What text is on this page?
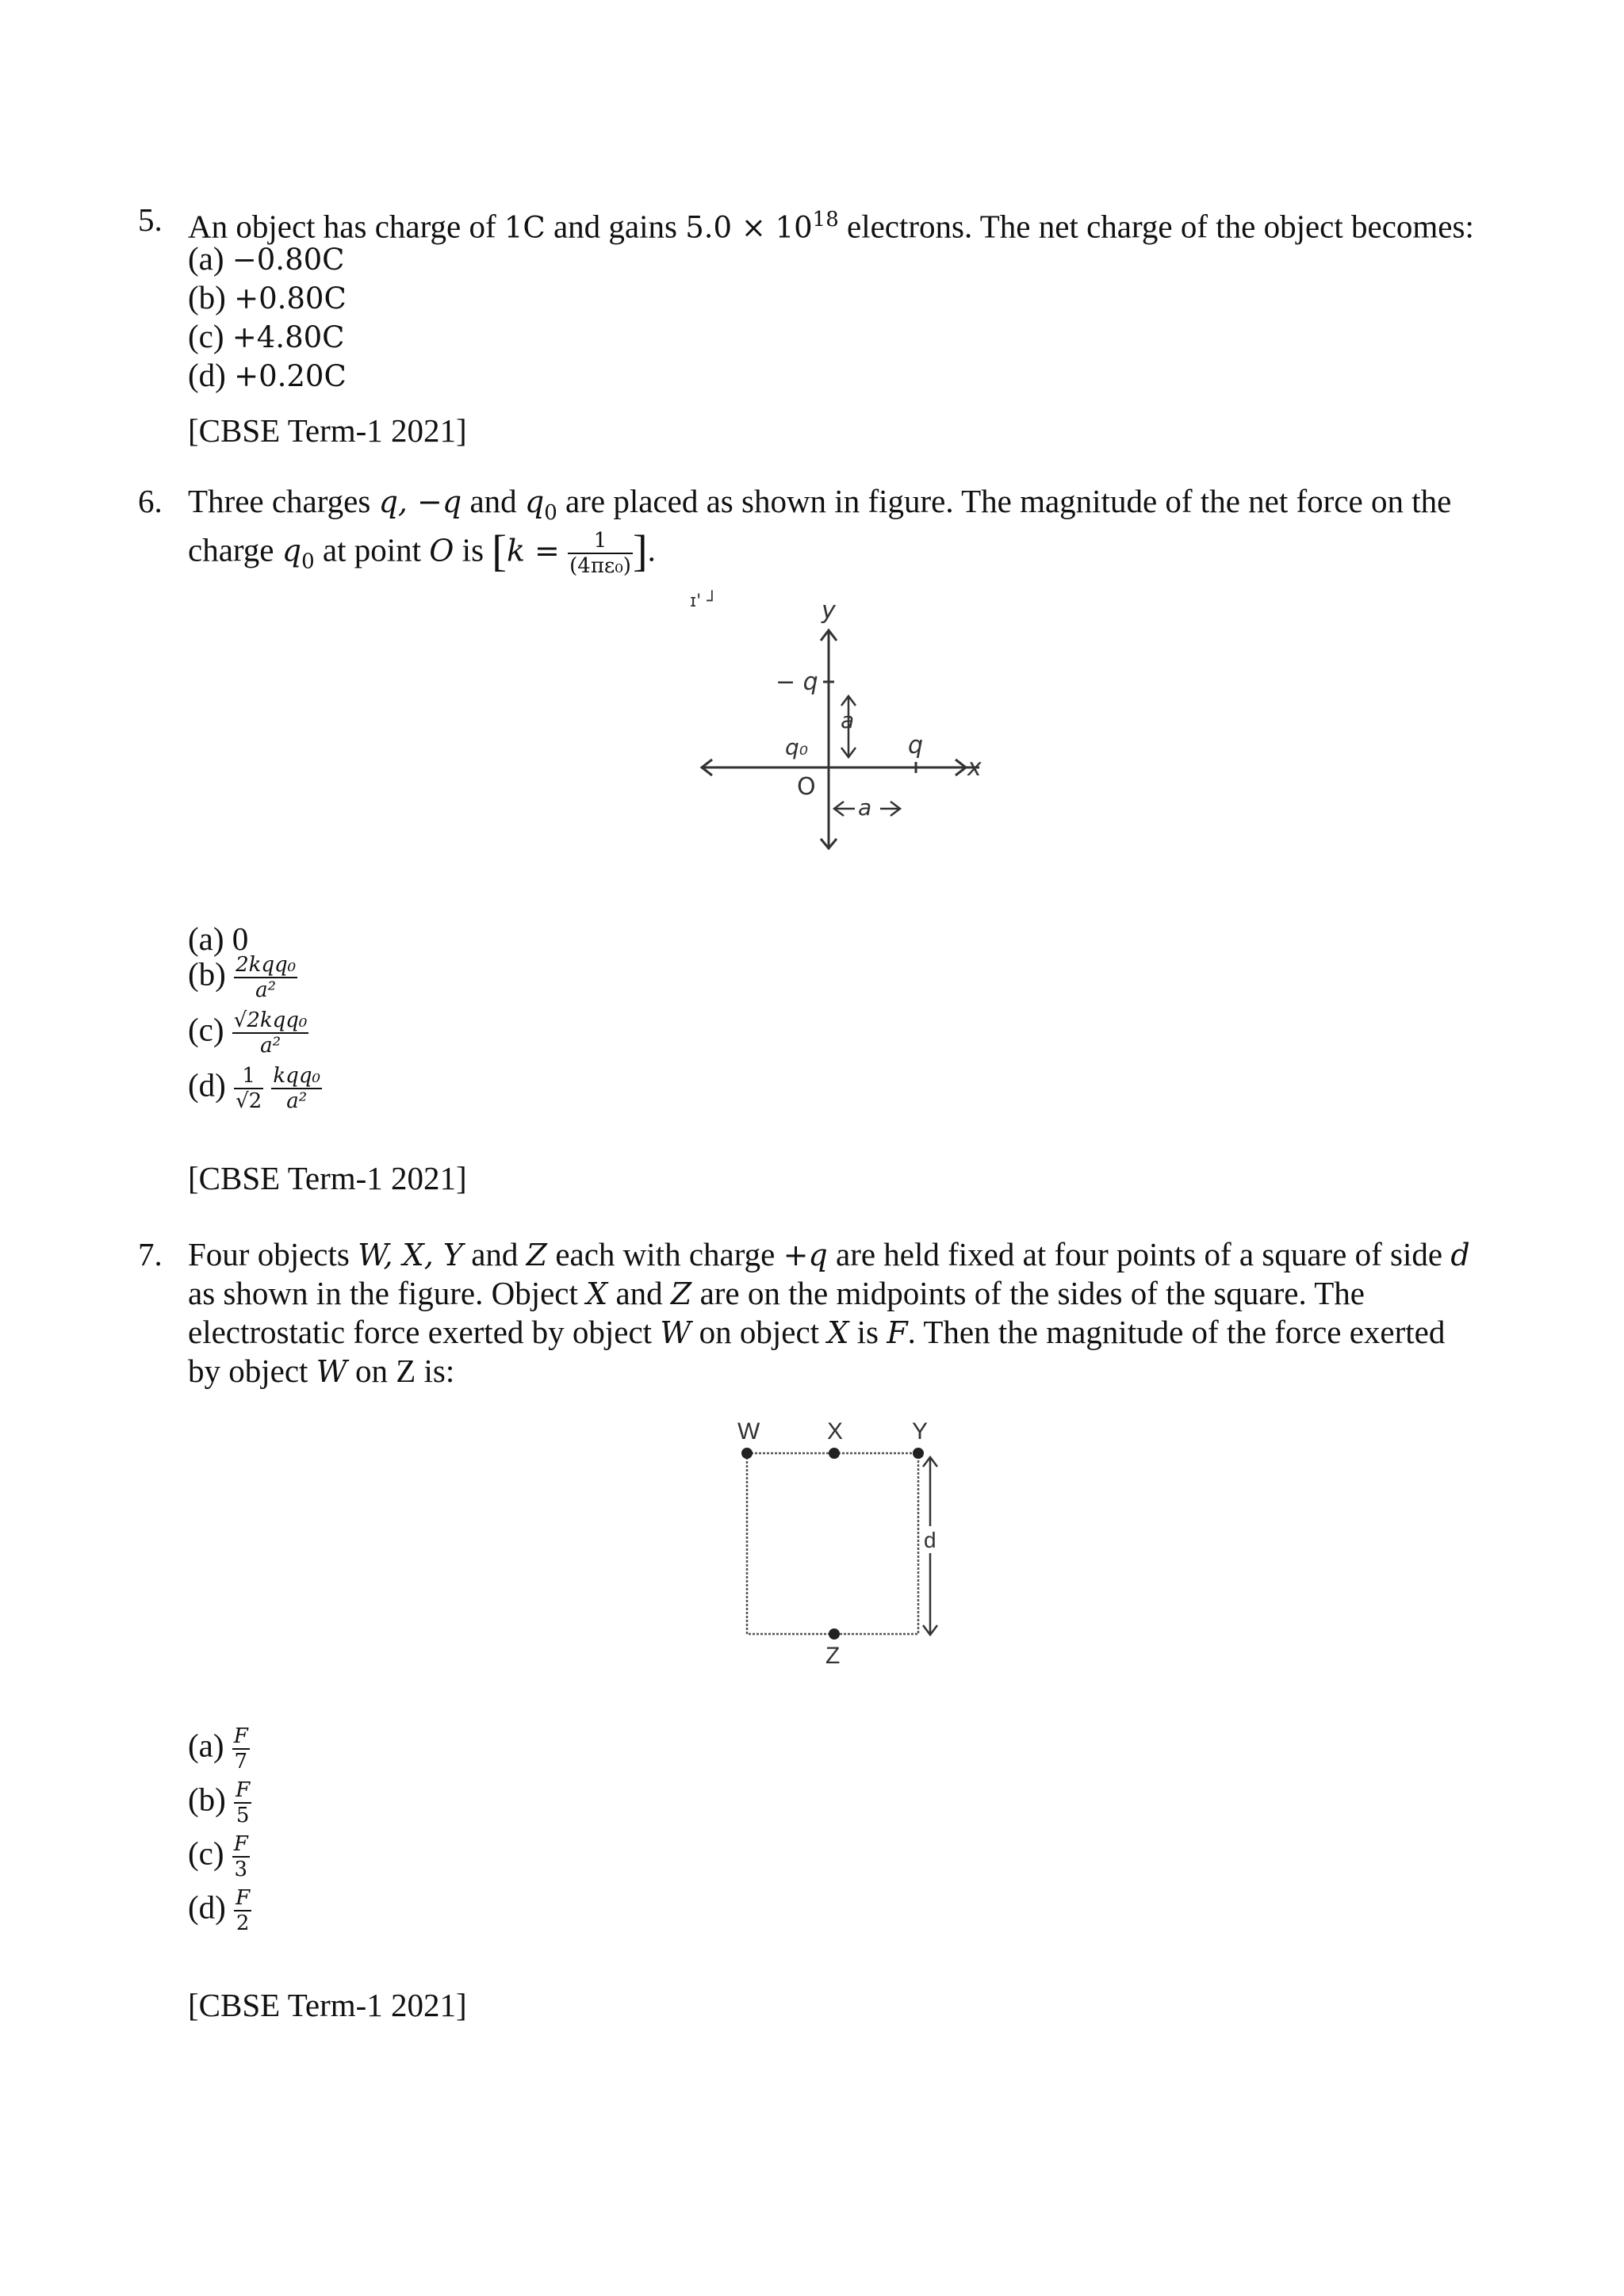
5. An object has charge of 1C and gains $5.0 \times 10^{18}$ electrons. The net charge of the object becomes:
(a) −0.80C
(b) +0.80C
(c) +4.80C
(d) +0.20C
[CBSE Term-1 2021]
6. Three charges q, −q and $q_0$ are placed as shown in figure. The magnitude of the net force on the
charge $q_0$ at point O is [$k = \frac{1}{\text{(4πε₀)}}$ ].
ɪ' ┘	y
x
− q
a
q₀	q
O
a
(a) 0
$(b) \frac{\text{2kqq₀}}{\text{a²}}$
$(c) \frac{\text{√2kqq₀}}{\text{a²}}$
$(d) \frac{1}{√2}$
$\frac{\text{kqq₀}}{\text{a²}}$
[CBSE Term-1 2021]
7. Four objects W, X, Y and Z each with charge +q are held fixed at four points of a square of side d
as shown in the figure. Object X and Z are on the midpoints of the sides of the square. The
electrostatic force exerted by object W on object X is F. Then the magnitude of the force exerted
by object W on Z is:
W	X	Y
Z
d
$(a) \frac{F}{7}$
$(b) \frac{F}{5}$
$(c) \frac{F}{3}$
$(d) \frac{F}{2}$
[CBSE Term-1 2021]
